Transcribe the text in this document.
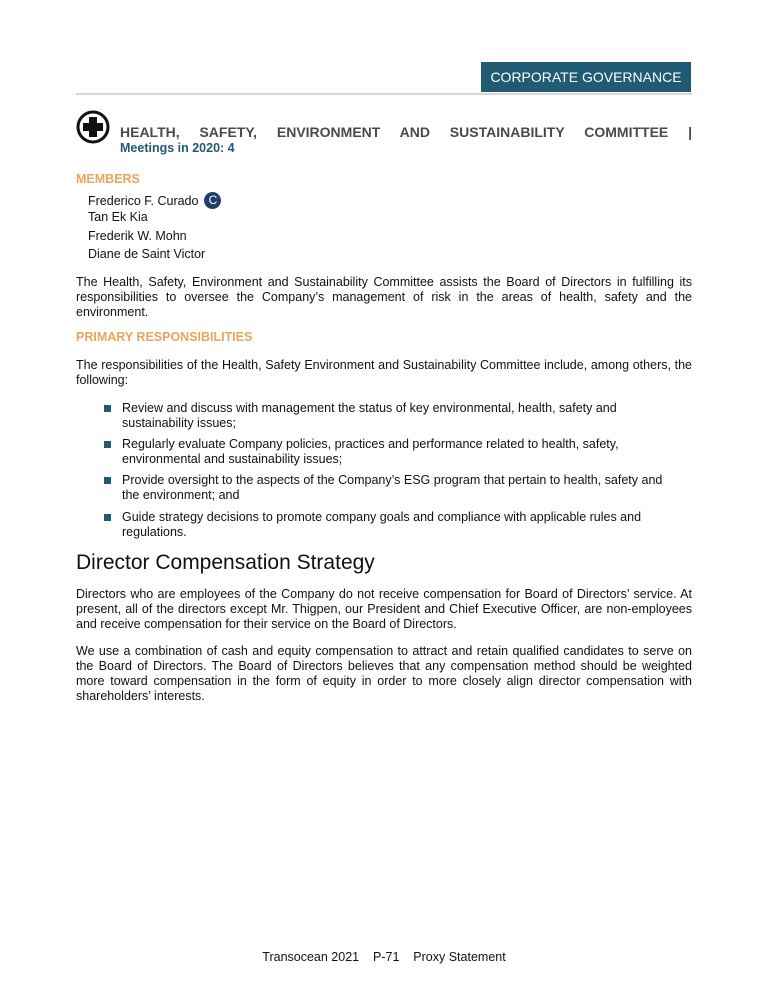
CORPORATE GOVERNANCE
HEALTH, SAFETY, ENVIRONMENT AND SUSTAINABILITY COMMITTEE |
Meetings in 2020: 4
MEMBERS
Frederico F. Curado C
Tan Ek Kia
Frederik W. Mohn
Diane de Saint Victor
The Health, Safety, Environment and Sustainability Committee assists the Board of Directors in fulfilling its responsibilities to oversee the Company’s management of risk in the areas of health, safety and the environment.
PRIMARY RESPONSIBILITIES
The responsibilities of the Health, Safety Environment and Sustainability Committee include, among others, the following:
Review and discuss with management the status of key environmental, health, safety and sustainability issues;
Regularly evaluate Company policies, practices and performance related to health, safety, environmental and sustainability issues;
Provide oversight to the aspects of the Company’s ESG program that pertain to health, safety and the environment; and
Guide strategy decisions to promote company goals and compliance with applicable rules and regulations.
Director Compensation Strategy
Directors who are employees of the Company do not receive compensation for Board of Directors’ service. At present, all of the directors except Mr. Thigpen, our President and Chief Executive Officer, are non-employees and receive compensation for their service on the Board of Directors.
We use a combination of cash and equity compensation to attract and retain qualified candidates to serve on the Board of Directors. The Board of Directors believes that any compensation method should be weighted more toward compensation in the form of equity in order to more closely align director compensation with shareholders’ interests.
Transocean 2021    P-71    Proxy Statement
